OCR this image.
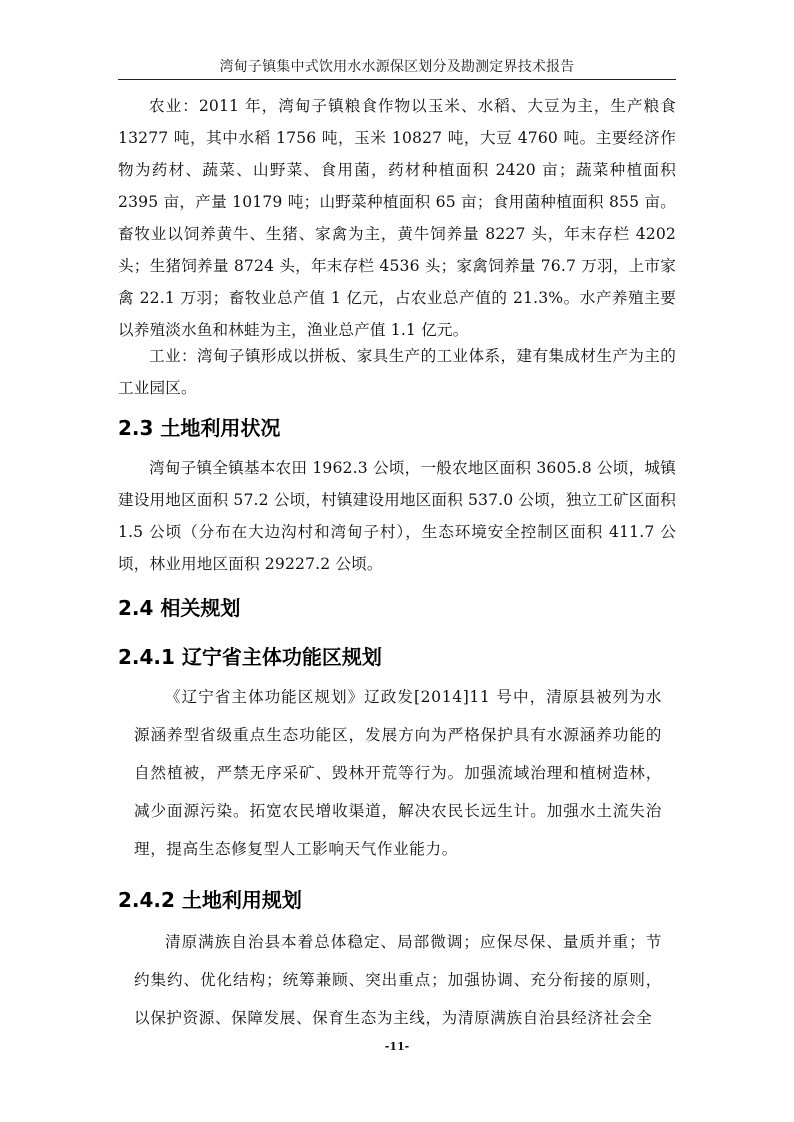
湾甸子镇集中式饮用水水源保区划分及勘测定界技术报告

农业：2011 年，湾甸子镇粮食作物以玉米、水稻、大豆为主，生产粮食 13277 吨，其中水稻 1756 吨，玉米 10827 吨，大豆 4760 吨。主要经济作物为药材、蔬菜、山野菜、食用菌，药材种植面积 2420 亩；蔬菜种植面积 2395 亩，产量 10179 吨；山野菜种植面积 65 亩；食用菌种植面积 855 亩。畜牧业以饲养黄牛、生猪、家禽为主，黄牛饲养量 8227 头，年末存栏 4202 头；生猪饲养量 8724 头，年末存栏 4536 头；家禽饲养量 76.7 万羽，上市家禽 22.1 万羽；畜牧业总产值 1 亿元，占农业总产值的 21.3%。水产养殖主要以养殖淡水鱼和林蛙为主，渔业总产值 1.1 亿元。

工业：湾甸子镇形成以拼板、家具生产的工业体系，建有集成材生产为主的工业园区。

2.3 土地利用状况

湾甸子镇全镇基本农田 1962.3 公顷，一般农地区面积 3605.8 公顷，城镇建设用地区面积 57.2 公顷，村镇建设用地区面积 537.0 公顷，独立工矿区面积 1.5 公顷（分布在大边沟村和湾甸子村），生态环境安全控制区面积 411.7 公顷，林业用地区面积 29227.2 公顷。

2.4 相关规划
2.4.1 辽宁省主体功能区规划

《辽宁省主体功能区规划》辽政发[2014]11 号中，清原县被列为水源涵养型省级重点生态功能区，发展方向为严格保护具有水源涵养功能的自然植被，严禁无序采矿、毁林开荒等行为。加强流域治理和植树造林，减少面源污染。拓宽农民增收渠道，解决农民长远生计。加强水土流失治理，提高生态修复型人工影响天气作业能力。

2.4.2 土地利用规划

清原满族自治县本着总体稳定、局部微调；应保尽保、量质并重；节约集约、优化结构；统筹兼顾、突出重点；加强协调、充分衔接的原则，以保护资源、保障发展、保育生态为主线，为清原满族自治县经济社会全

-11-
